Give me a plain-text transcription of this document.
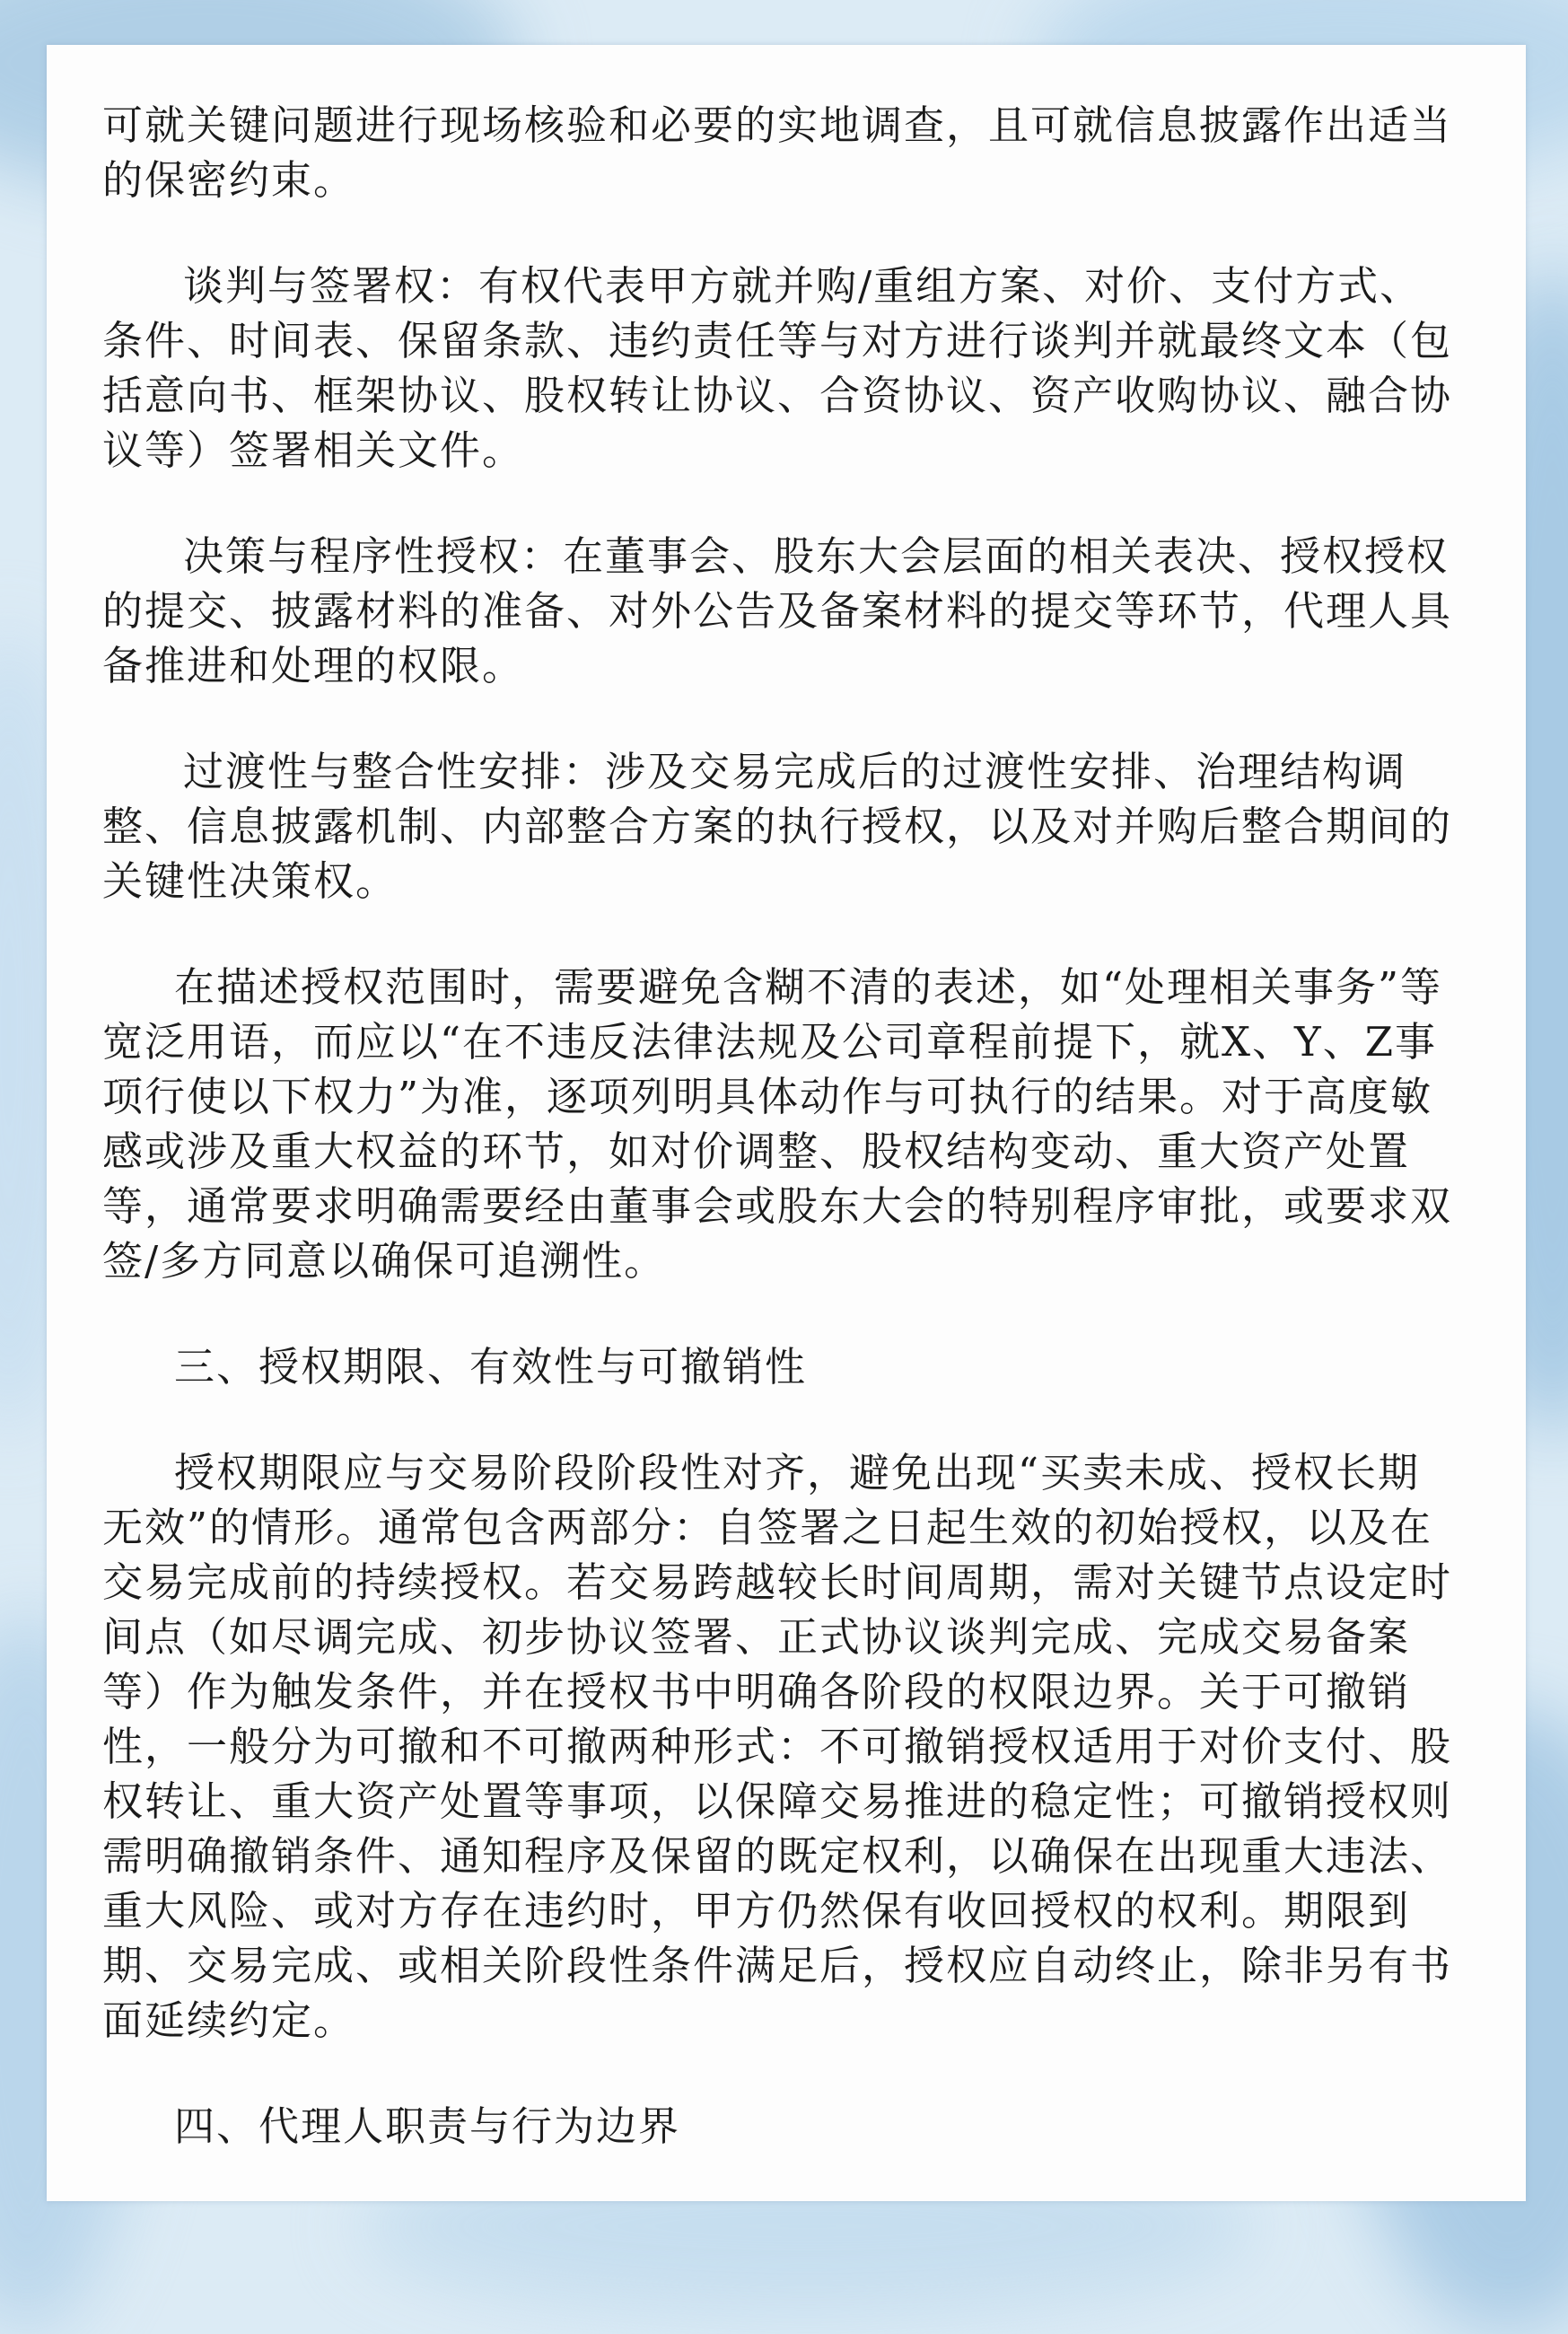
可就关键问题进行现场核验和必要的实地调查，且可就信息披露作出适当的保密约束。

谈判与签署权：有权代表甲方就并购/重组方案、对价、支付方式、条件、时间表、保留条款、违约责任等与对方进行谈判并就最终文本（包括意向书、框架协议、股权转让协议、合资协议、资产收购协议、融合协议等）签署相关文件。

决策与程序性授权：在董事会、股东大会层面的相关表决、授权授权的提交、披露材料的准备、对外公告及备案材料的提交等环节，代理人具备推进和处理的权限。

过渡性与整合性安排：涉及交易完成后的过渡性安排、治理结构调整、信息披露机制、内部整合方案的执行授权，以及对并购后整合期间的关键性决策权。

在描述授权范围时，需要避免含糊不清的表述，如“处理相关事务”等宽泛用语，而应以“在不违反法律法规及公司章程前提下，就X、Y、Z事项行使以下权力”为准，逐项列明具体动作与可执行的结果。对于高度敏感或涉及重大权益的环节，如对价调整、股权结构变动、重大资产处置等，通常要求明确需要经由董事会或股东大会的特别程序审批，或要求双签/多方同意以确保可追溯性。

三、授权期限、有效性与可撤销性

授权期限应与交易阶段阶段性对齐，避免出现“买卖未成、授权长期无效”的情形。通常包含两部分：自签署之日起生效的初始授权，以及在交易完成前的持续授权。若交易跨越较长时间周期，需对关键节点设定时间点（如尽调完成、初步协议签署、正式协议谈判完成、完成交易备案等）作为触发条件，并在授权书中明确各阶段的权限边界。关于可撤销性，一般分为可撤和不可撤两种形式：不可撤销授权适用于对价支付、股权转让、重大资产处置等事项，以保障交易推进的稳定性；可撤销授权则需明确撤销条件、通知程序及保留的既定权利，以确保在出现重大违法、重大风险、或对方存在违约时，甲方仍然保有收回授权的权利。期限到期、交易完成、或相关阶段性条件满足后，授权应自动终止，除非另有书面延续约定。

四、代理人职责与行为边界
